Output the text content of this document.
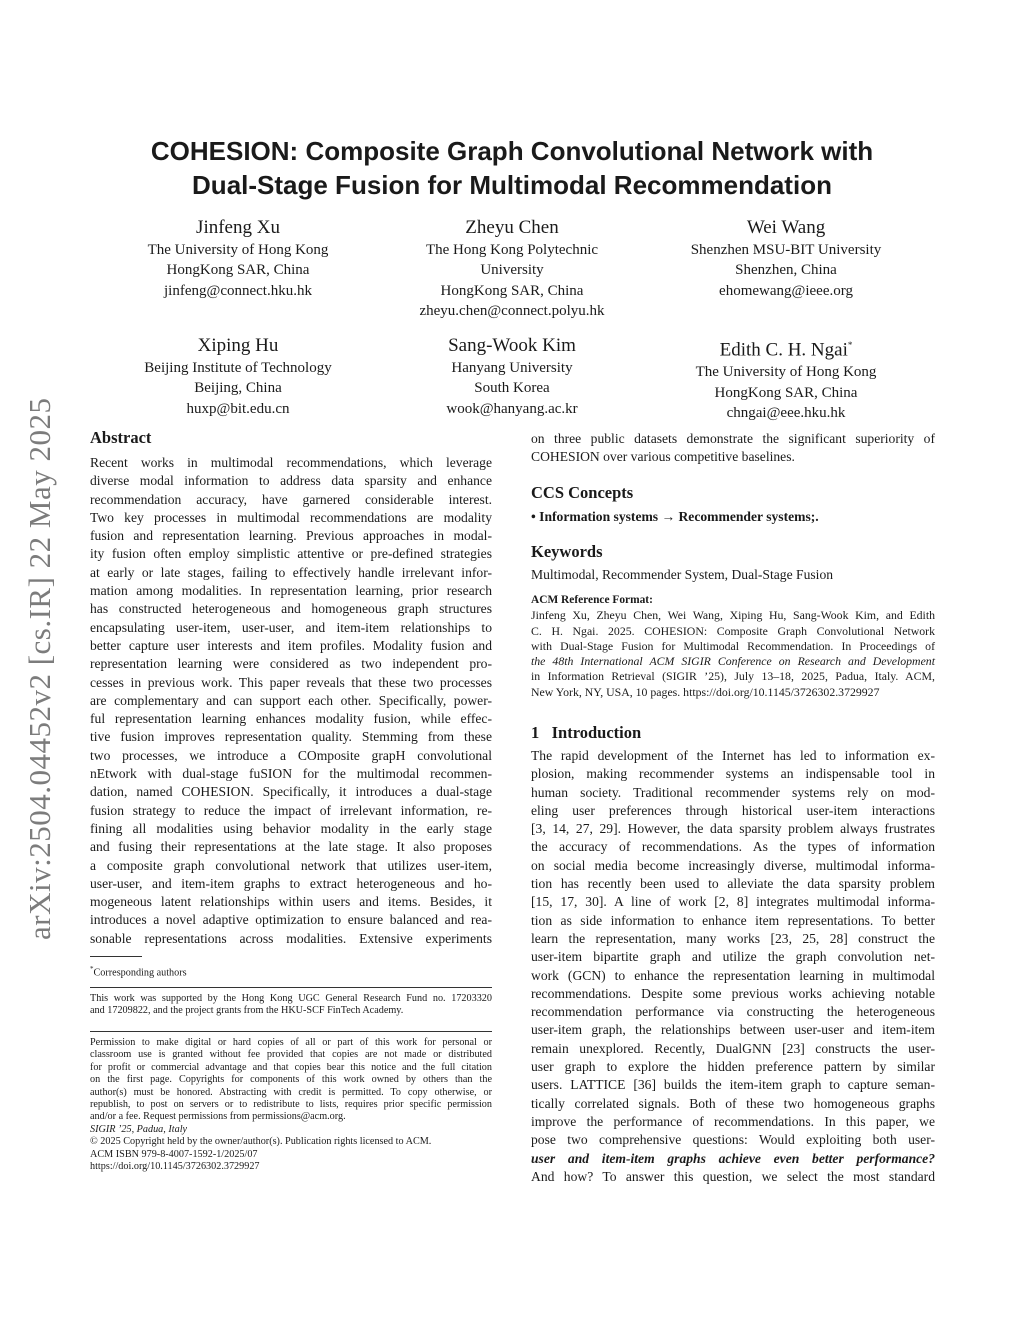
arXiv:2504.04452v2 [cs.IR] 22 May 2025
COHESION: Composite Graph Convolutional Network with
Dual-Stage Fusion for Multimodal Recommendation
Jinfeng Xu
The University of Hong Kong
HongKong SAR, China
jinfeng@connect.hku.hk
Zheyu Chen
The Hong Kong Polytechnic
University
HongKong SAR, China
zheyu.chen@connect.polyu.hk
Wei Wang
Shenzhen MSU-BIT University
Shenzhen, China
ehomewang@ieee.org
Xiping Hu
Beijing Institute of Technology
Beijing, China
huxp@bit.edu.cn
Sang-Wook Kim
Hanyang University
South Korea
wook@hanyang.ac.kr
Edith C. H. Ngai*
The University of Hong Kong
HongKong SAR, China
chngai@eee.hku.hk
Abstract
Recent works in multimodal recommendations, which leverage
diverse modal information to address data sparsity and enhance
recommendation accuracy, have garnered considerable interest.
Two key processes in multimodal recommendations are modality
fusion and representation learning. Previous approaches in modal-
ity fusion often employ simplistic attentive or pre-defined strategies
at early or late stages, failing to effectively handle irrelevant infor-
mation among modalities. In representation learning, prior research
has constructed heterogeneous and homogeneous graph structures
encapsulating user-item, user-user, and item-item relationships to
better capture user interests and item profiles. Modality fusion and
representation learning were considered as two independent pro-
cesses in previous work. This paper reveals that these two processes
are complementary and can support each other. Specifically, power-
ful representation learning enhances modality fusion, while effec-
tive fusion improves representation quality. Stemming from these
two processes, we introduce a COmposite grapH convolutional
nEtwork with dual-stage fuSION for the multimodal recommen-
dation, named COHESION. Specifically, it introduces a dual-stage
fusion strategy to reduce the impact of irrelevant information, re-
fining all modalities using behavior modality in the early stage
and fusing their representations at the late stage. It also proposes
a composite graph convolutional network that utilizes user-item,
user-user, and item-item graphs to extract heterogeneous and ho-
mogeneous latent relationships within users and items. Besides, it
introduces a novel adaptive optimization to ensure balanced and rea-
sonable representations across modalities. Extensive experiments
*Corresponding authors
This work was supported by the Hong Kong UGC General Research Fund no. 17203320
and 17209822, and the project grants from the HKU-SCF FinTech Academy.
Permission to make digital or hard copies of all or part of this work for personal or
classroom use is granted without fee provided that copies are not made or distributed
for profit or commercial advantage and that copies bear this notice and the full citation
on the first page. Copyrights for components of this work owned by others than the
author(s) must be honored. Abstracting with credit is permitted. To copy otherwise, or
republish, to post on servers or to redistribute to lists, requires prior specific permission
and/or a fee. Request permissions from permissions@acm.org.
SIGIR ’25, Padua, Italy
© 2025 Copyright held by the owner/author(s). Publication rights licensed to ACM.
ACM ISBN 979-8-4007-1592-1/2025/07
https://doi.org/10.1145/3726302.3729927
on three public datasets demonstrate the significant superiority of
COHESION over various competitive baselines.
CCS Concepts
• Information systems → Recommender systems;.
Keywords
Multimodal, Recommender System, Dual-Stage Fusion
ACM Reference Format:
Jinfeng Xu, Zheyu Chen, Wei Wang, Xiping Hu, Sang-Wook Kim, and Edith
C. H. Ngai. 2025. COHESION: Composite Graph Convolutional Network
with Dual-Stage Fusion for Multimodal Recommendation. In Proceedings of
the 48th International ACM SIGIR Conference on Research and Development
in Information Retrieval (SIGIR ’25), July 13–18, 2025, Padua, Italy. ACM,
New York, NY, USA, 10 pages. https://doi.org/10.1145/3726302.3729927
1 Introduction
The rapid development of the Internet has led to information ex-
plosion, making recommender systems an indispensable tool in
human society. Traditional recommender systems rely on mod-
eling user preferences through historical user-item interactions
[3, 14, 27, 29]. However, the data sparsity problem always frustrates
the accuracy of recommendations. As the types of information
on social media become increasingly diverse, multimodal informa-
tion has recently been used to alleviate the data sparsity problem
[15, 17, 30]. A line of work [2, 8] integrates multimodal informa-
tion as side information to enhance item representations. To better
learn the representation, many works [23, 25, 28] construct the
user-item bipartite graph and utilize the graph convolution net-
work (GCN) to enhance the representation learning in multimodal
recommendations. Despite some previous works achieving notable
recommendation performance via constructing the heterogeneous
user-item graph, the relationships between user-user and item-item
remain unexplored. Recently, DualGNN [23] constructs the user-
user graph to explore the hidden preference pattern by similar
users. LATTICE [36] builds the item-item graph to capture seman-
tically correlated signals. Both of these two homogeneous graphs
improve the performance of recommendations. In this paper, we
pose two comprehensive questions: Would exploiting both user-
user and item-item graphs achieve even better performance?
And how? To answer this question, we select the most standard
